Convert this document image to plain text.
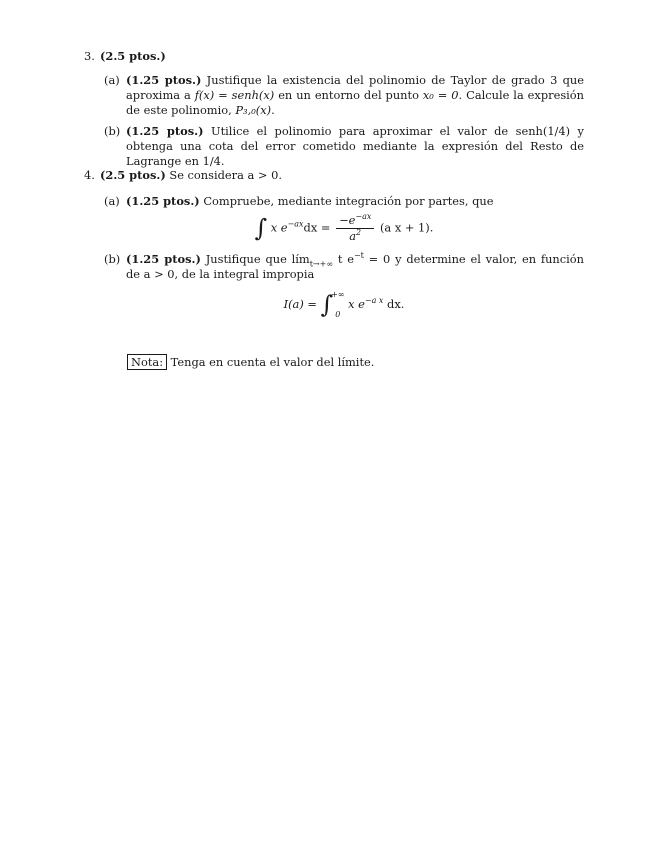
3. (2.5 ptos.)
(a) (1.25 ptos.) Justifique la existencia del polinomio de Taylor de grado 3 que aproxima a f(x) = senh(x) en un entorno del punto x₀ = 0. Calcule la expresión de este polinomio, P₃,₀(x).
(b) (1.25 ptos.) Utilice el polinomio para aproximar el valor de senh(1/4) y obtenga una cota del error cometido mediante la expresión del Resto de Lagrange en 1/4.
4. (2.5 ptos.) Se considera a > 0.
(a) (1.25 ptos.) Compruebe, mediante integración por partes, que
∫ x $e^{-ax}dx = \frac{-e^{-ax}}{a^2} (a$ x + 1).
(b) (1.25 ptos.) Justifique que lím$_{t\to+\infty}$ t $e^{-t} = 0$ y determine el valor, en función de a > 0, de la integral impropia
I(a) = ∫
+∞
0
x $e^{-a x}$ dx.
Nota: Tenga en cuenta el valor del límite.
